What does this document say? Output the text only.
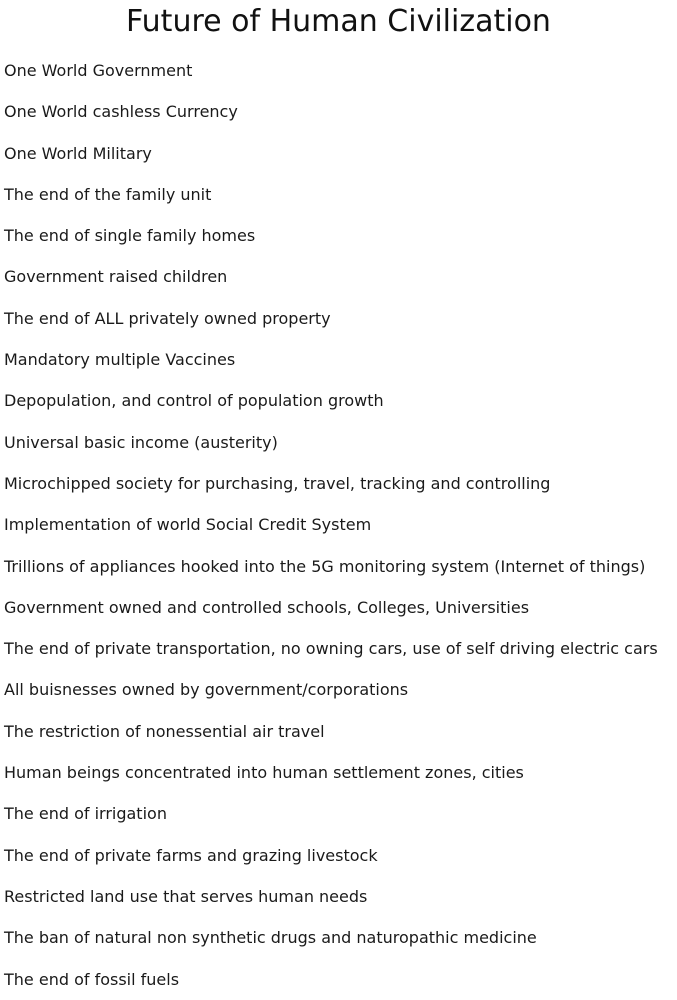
Future of Human Civilization

One World Government

One World cashless Currency

One World Military

The end of the family unit

The end of single family homes

Government raised children

The end of ALL privately owned property

Mandatory multiple Vaccines

Depopulation, and control of population growth

Universal basic income (austerity)

Microchipped society for purchasing, travel, tracking and controlling

Implementation of world Social Credit System

Trillions of appliances hooked into the 5G monitoring system (Internet of things)

Government owned and controlled schools, Colleges, Universities

The end of private transportation, no owning cars, use of self driving electric cars

All buisnesses owned by government/corporations

The restriction of nonessential air travel

Human beings concentrated into human settlement zones, cities

The end of irrigation

The end of private farms and grazing livestock

Restricted land use that serves human needs

The ban of natural non synthetic drugs and naturopathic medicine

The end of fossil fuels
